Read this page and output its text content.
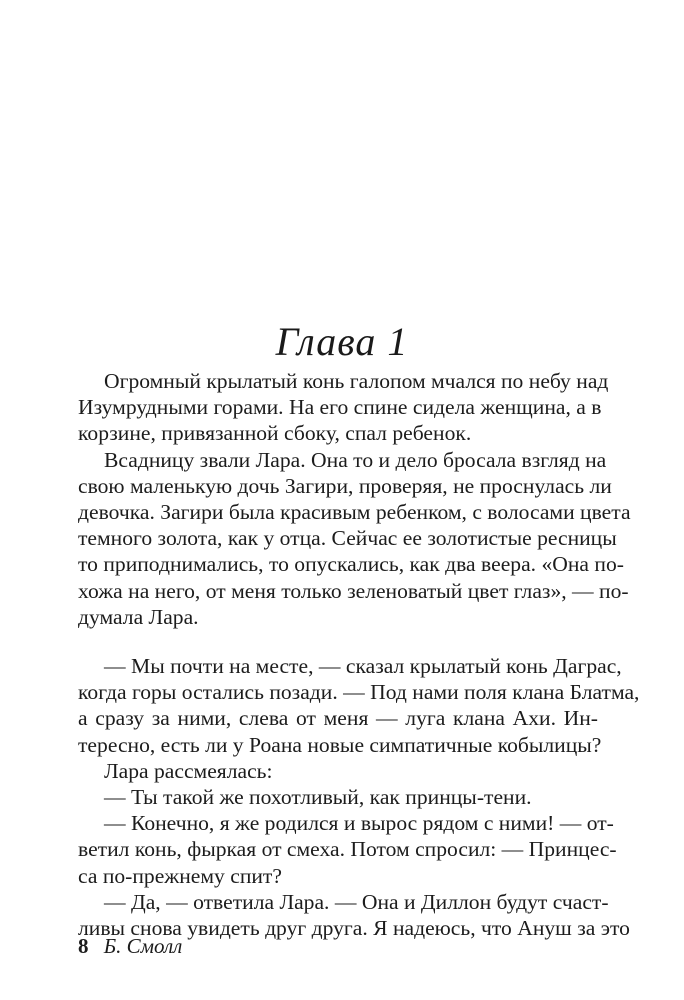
Глава 1
Огромный крылатый конь галопом мчался по небу над
Изумрудными горами. На его спине сидела женщина, а в
корзине, привязанной сбоку, спал ребенок.
Всадницу звали Лара. Она то и дело бросала взгляд на
свою маленькую дочь Загири, проверяя, не проснулась ли
девочка. Загири была красивым ребенком, с волосами цвета
темного золота, как у отца. Сейчас ее золотистые ресницы
то приподнимались, то опускались, как два веера. «Она по-
хожа на него, от меня только зеленоватый цвет глаз», — по-
думала Лара.
— Мы почти на месте, — сказал крылатый конь Даграс,
когда горы остались позади. — Под нами поля клана Блатма,
а сразу за ними, слева от меня — луга клана Ахи. Ин-
тересно, есть ли у Роана новые симпатичные кобылицы?
Лара рассмеялась:
— Ты такой же похотливый, как принцы-тени.
— Конечно, я же родился и вырос рядом с ними! — от-
ветил конь, фыркая от смеха. Потом спросил: — Принцес-
са по-прежнему спит?
— Да, — ответила Лара. — Она и Диллон будут счаст-
ливы снова увидеть друг друга. Я надеюсь, что Ануш за это
8 Б. Смолл
